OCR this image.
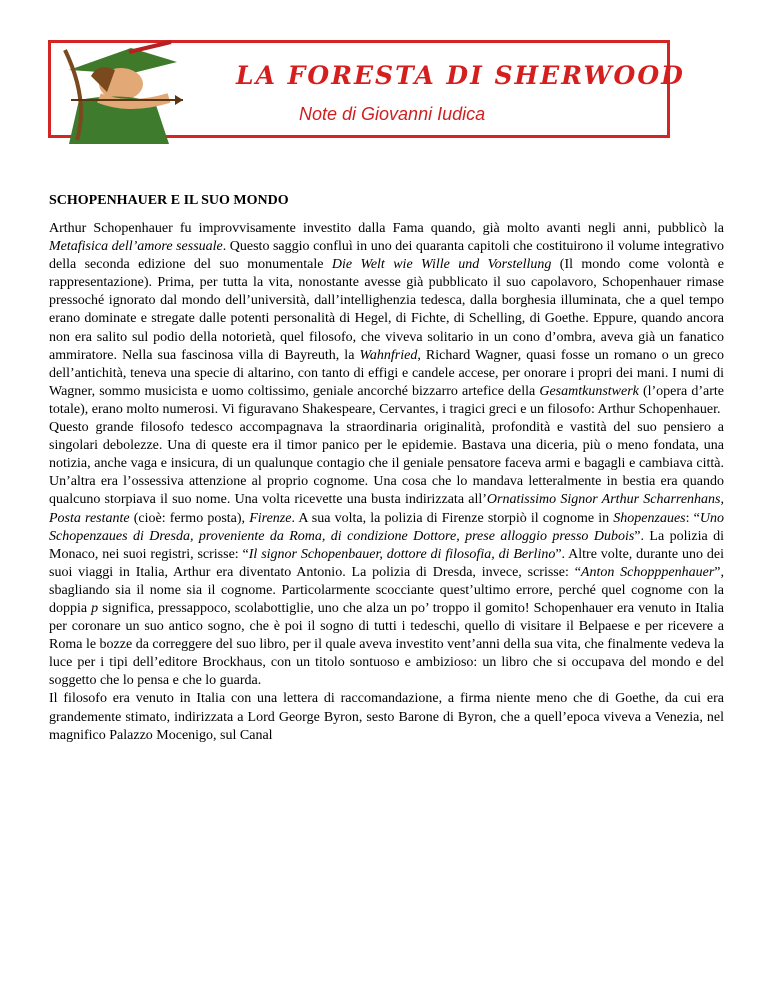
LA FORESTA DI SHERWOOD
Note di Giovanni Iudica
SCHOPENHAUER E IL SUO MONDO

Arthur Schopenhauer fu improvvisamente investito dalla Fama quando, già molto avanti negli anni, pubblicò la Metafisica dell’amore sessuale. Questo saggio confluì in uno dei quaranta capitoli che costituirono il volume integrativo della seconda edizione del suo monumentale Die Welt wie Wille und Vorstellung (Il mondo come volontà e rappresentazione). Prima, per tutta la vita, nonostante avesse già pubblicato il suo capolavoro, Schopenhauer rimase pressoché ignorato dal mondo dell’università, dall’intellighenzia tedesca, dalla borghesia illuminata, che a quel tempo erano dominate e stregate dalle potenti personalità di Hegel, di Fichte, di Schelling, di Goethe. Eppure, quando ancora non era salito sul podio della notorietà, quel filosofo, che viveva solitario in un cono d’ombra, aveva già un fanatico ammiratore. Nella sua fascinosa villa di Bayreuth, la Wahnfried, Richard Wagner, quasi fosse un romano o un greco dell’antichità, teneva una specie di altarino, con tanto di effigi e candele accese, per onorare i propri dei mani. I numi di Wagner, sommo musicista e uomo coltissimo, geniale ancorché bizzarro artefice della Gesamtkunstwerk (l’opera d’arte totale), erano molto numerosi. Vi figuravano Shakespeare, Cervantes, i tragici greci e un filosofo: Arthur Schopenhauer.

Questo grande filosofo tedesco accompagnava la straordinaria originalità, profondità e vastità del suo pensiero a singolari debolezze. Una di queste era il timor panico per le epidemie. Bastava una diceria, più o meno fondata, una notizia, anche vaga e insicura, di un qualunque contagio che il geniale pensatore faceva armi e bagagli e cambiava città. Un’altra era l’ossessiva attenzione al proprio cognome. Una cosa che lo mandava letteralmente in bestia era quando qualcuno storpiava il suo nome. Una volta ricevette una busta indirizzata all’Ornatissimo Signor Arthur Scharrenhans, Posta restante (cioè: fermo posta), Firenze. A sua volta, la polizia di Firenze storpiò il cognome in Shopenzaues: “Uno Schopenzaues di Dresda, proveniente da Roma, di condizione Dottore, prese alloggio presso Dubois”. La polizia di Monaco, nei suoi registri, scrisse: “Il signor Schopenbauer, dottore di filosofia, di Berlino”. Altre volte, durante uno dei suoi viaggi in Italia, Arthur era diventato Antonio. La polizia di Dresda, invece, scrisse: “Anton Schopppenhauer”, sbagliando sia il nome sia il cognome. Particolarmente scocciante quest’ultimo errore, perché quel cognome con la doppia p significa, pressappoco, scolabottiglie, uno che alza un po’ troppo il gomito! Schopenhauer era venuto in Italia per coronare un suo antico sogno, che è poi il sogno di tutti i tedeschi, quello di visitare il Belpaese e per ricevere a Roma le bozze da correggere del suo libro, per il quale aveva investito vent’anni della sua vita, che finalmente vedeva la luce per i tipi dell’editore Brockhaus, con un titolo sontuoso e ambizioso: un libro che si occupava del mondo e del soggetto che lo pensa e che lo guarda.

Il filosofo era venuto in Italia con una lettera di raccomandazione, a firma niente meno che di Goethe, da cui era grandemente stimato, indirizzata a Lord George Byron, sesto Barone di Byron, che a quell’epoca viveva a Venezia, nel magnifico Palazzo Mocenigo, sul Canal
